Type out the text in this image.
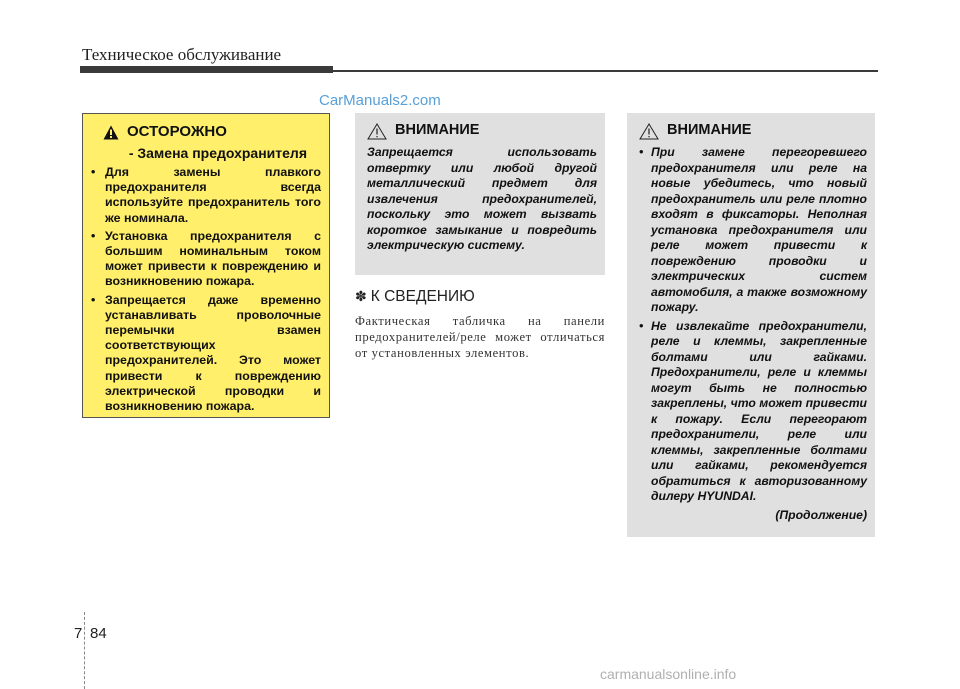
Техническое обслуживание
CarManuals2.com
ОСТОРОЖНО
- Замена предохранителя
• Для замены плавкого предохранителя всегда используйте предохранитель того же номинала.
• Установка предохранителя с большим номинальным током может привести к повреждению и возникновению пожара.
• Запрещается даже временно устанавливать проволочные перемычки взамен соответствующих предохранителей. Это может привести к повреждению электрической проводки и возникновению пожара.
ВНИМАНИЕ
Запрещается использовать отвертку или любой другой металлический предмет для извлечения предохранителей, поскольку это может вызвать короткое замыкание и повредить электрическую систему.
✽ К СВЕДЕНИЮ
Фактическая табличка на панели предохранителей/реле может отличаться от установленных элементов.
ВНИМАНИЕ
• При замене перегоревшего предохранителя или реле на новые убедитесь, что новый предохранитель или реле плотно входят в фиксаторы. Неполная установка предохранителя или реле может привести к повреждению проводки и электрических систем автомобиля, а также возможному пожару.
• Не извлекайте предохранители, реле и клеммы, закрепленные болтами или гайками. Предохранители, реле и клеммы могут быть не полностью закреплены, что может привести к пожару. Если перегорают предохранители, реле или клеммы, закрепленные болтами или гайками, рекомендуется обратиться к авторизованному дилеру HYUNDAI.
(Продолжение)
7 84
carmanualsonline.info
